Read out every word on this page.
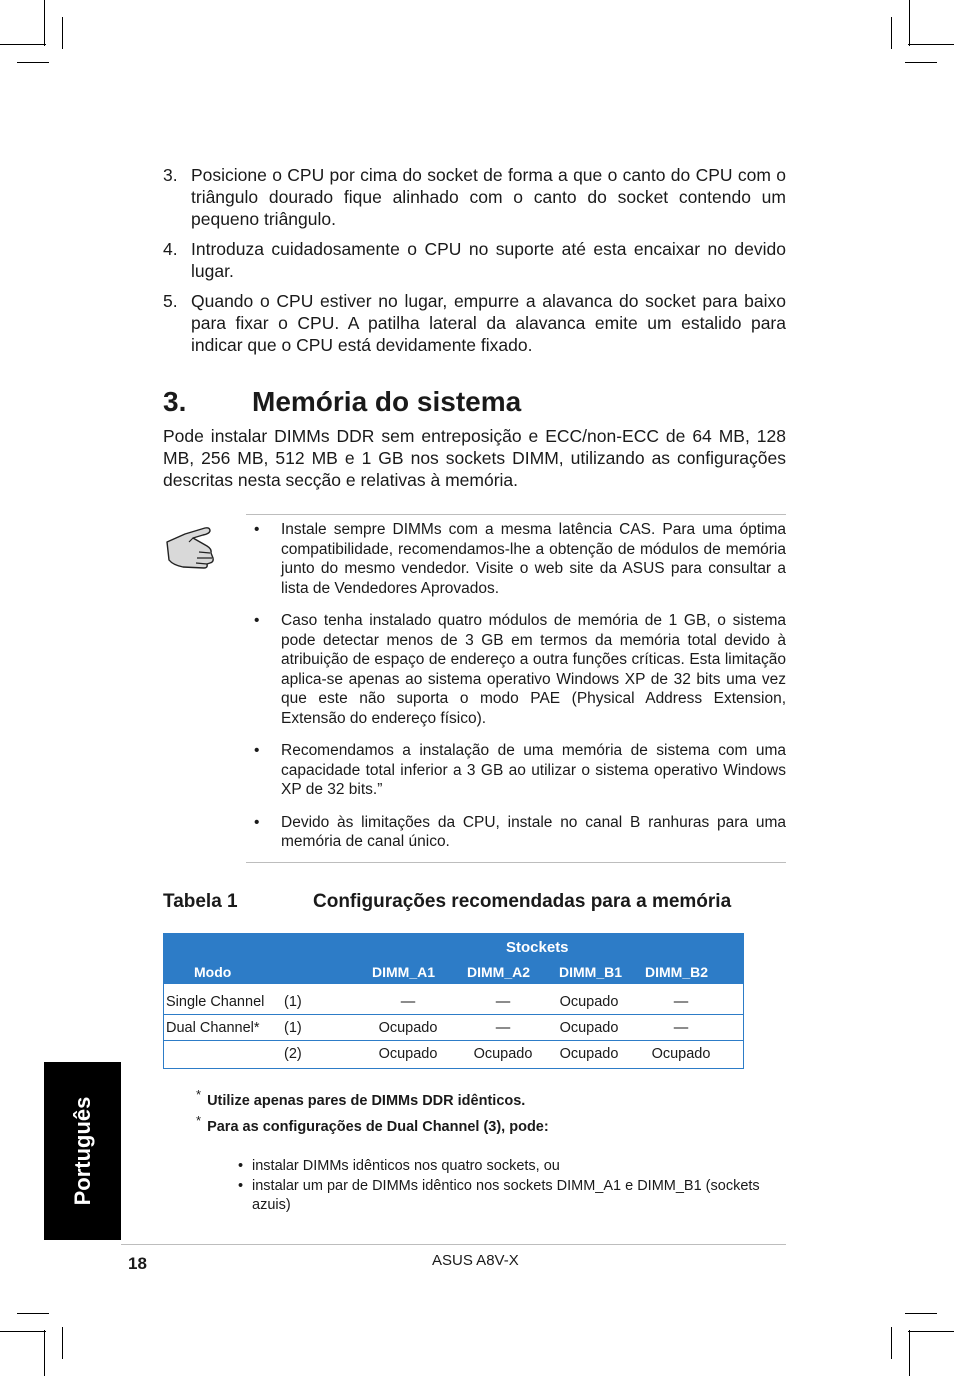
3. Posicione o CPU por cima do socket de forma a que o canto do CPU com o triângulo dourado ﬁque alinhado com o canto do socket contendo um pequeno triângulo.
4. Introduza cuidadosamente o CPU no suporte até esta encaixar no devido lugar.
5. Quando o CPU estiver no lugar, empurre a alavanca do socket para baixo para ﬁxar o CPU. A patilha lateral da alavanca emite um estalido para indicar que o CPU está devidamente ﬁxado.
3. Memória do sistema

Pode instalar DIMMs DDR sem entreposição e ECC/non-ECC de 64 MB, 128 MB, 256 MB, 512 MB e 1 GB nos sockets DIMM, utilizando as conﬁgurações descritas nesta secção e relativas à memória.

•	Instale sempre DIMMs com a mesma latência CAS. Para uma óptima compatibilidade, recomendamos-lhe a obtenção de módulos de memória junto do mesmo vendedor. Visite o web site da ASUS para consultar a lista de Vendedores Aprovados.
•	Caso tenha instalado quatro módulos de memória de 1 GB, o sistema pode detectar menos de 3 GB em termos da memória total devido à atribuição de espaço de endereço a outra funções críticas. Esta limitação aplica-se apenas ao sistema operativo Windows XP de 32 bits uma vez que este não suporta o modo PAE (Physical Address Extension, Extensão do endereço físico).
•	Recomendamos a instalação de uma memória de sistema com uma capacidade total inferior a 3 GB ao utilizar o sistema operativo Windows XP de 32 bits.”
•	Devido às limitações da CPU, instale no canal B ranhuras para uma memória de canal único.
Tabela 1	Conﬁgurações recomendadas para a memória
Stockets
Modo	DIMM_A1 DIMM_A2 DIMM_B1 DIMM_B2
Single Channel (1)	—	—	Ocupado	—
Dual Channel* (1)	Ocupado	—	Ocupado	—
(2)	Ocupado	Ocupado	Ocupado	Ocupado
* Utilize apenas pares de DIMMs DDR idênticos.
* Para as conﬁgurações de Dual Channel (3), pode:
• instalar DIMMs idênticos nos quatro sockets, ou
• instalar um par de DIMMs idêntico nos sockets DIMM_A1 e DIMM_B1 (sockets azuis)
Português
18	ASUS A8V-X
